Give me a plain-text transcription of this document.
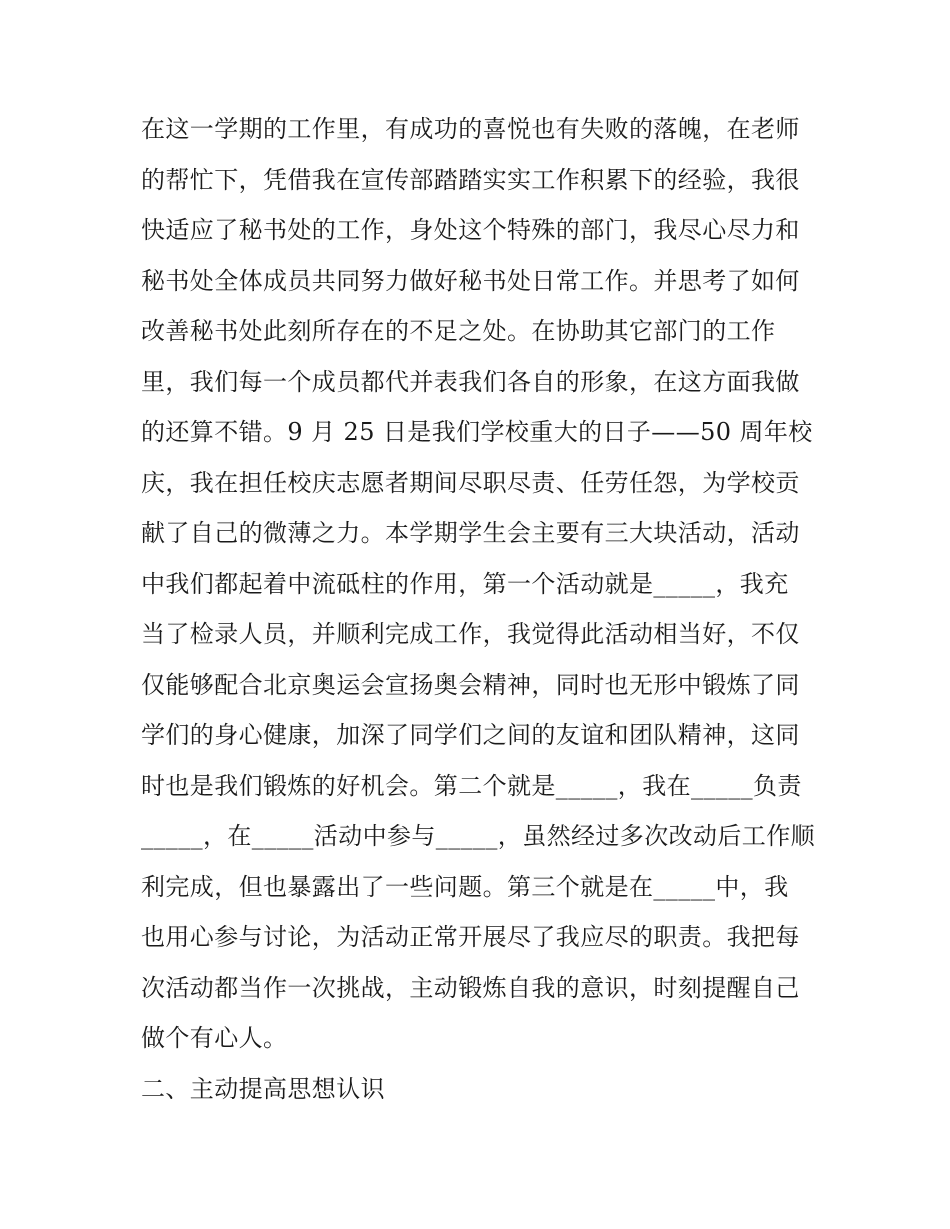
在这一学期的工作里，有成功的喜悦也有失败的落魄，在老师
的帮忙下，凭借我在宣传部踏踏实实工作积累下的经验，我很
快适应了秘书处的工作，身处这个特殊的部门，我尽心尽力和
秘书处全体成员共同努力做好秘书处日常工作。并思考了如何
改善秘书处此刻所存在的不足之处。在协助其它部门的工作
里，我们每一个成员都代并表我们各自的形象，在这方面我做
的还算不错。9 月 25 日是我们学校重大的日子——50 周年校
庆，我在担任校庆志愿者期间尽职尽责、任劳任怨，为学校贡
献了自己的微薄之力。本学期学生会主要有三大块活动，活动
中我们都起着中流砥柱的作用，第一个活动就是_____，我充
当了检录人员，并顺利完成工作，我觉得此活动相当好，不仅
仅能够配合北京奥运会宣扬奥会精神，同时也无形中锻炼了同
学们的身心健康，加深了同学们之间的友谊和团队精神，这同
时也是我们锻炼的好机会。第二个就是_____，我在_____负责
_____，在_____活动中参与_____，虽然经过多次改动后工作顺
利完成，但也暴露出了一些问题。第三个就是在_____中，我
也用心参与讨论，为活动正常开展尽了我应尽的职责。我把每
次活动都当作一次挑战，主动锻炼自我的意识，时刻提醒自己
做个有心人。
二、主动提高思想认识
